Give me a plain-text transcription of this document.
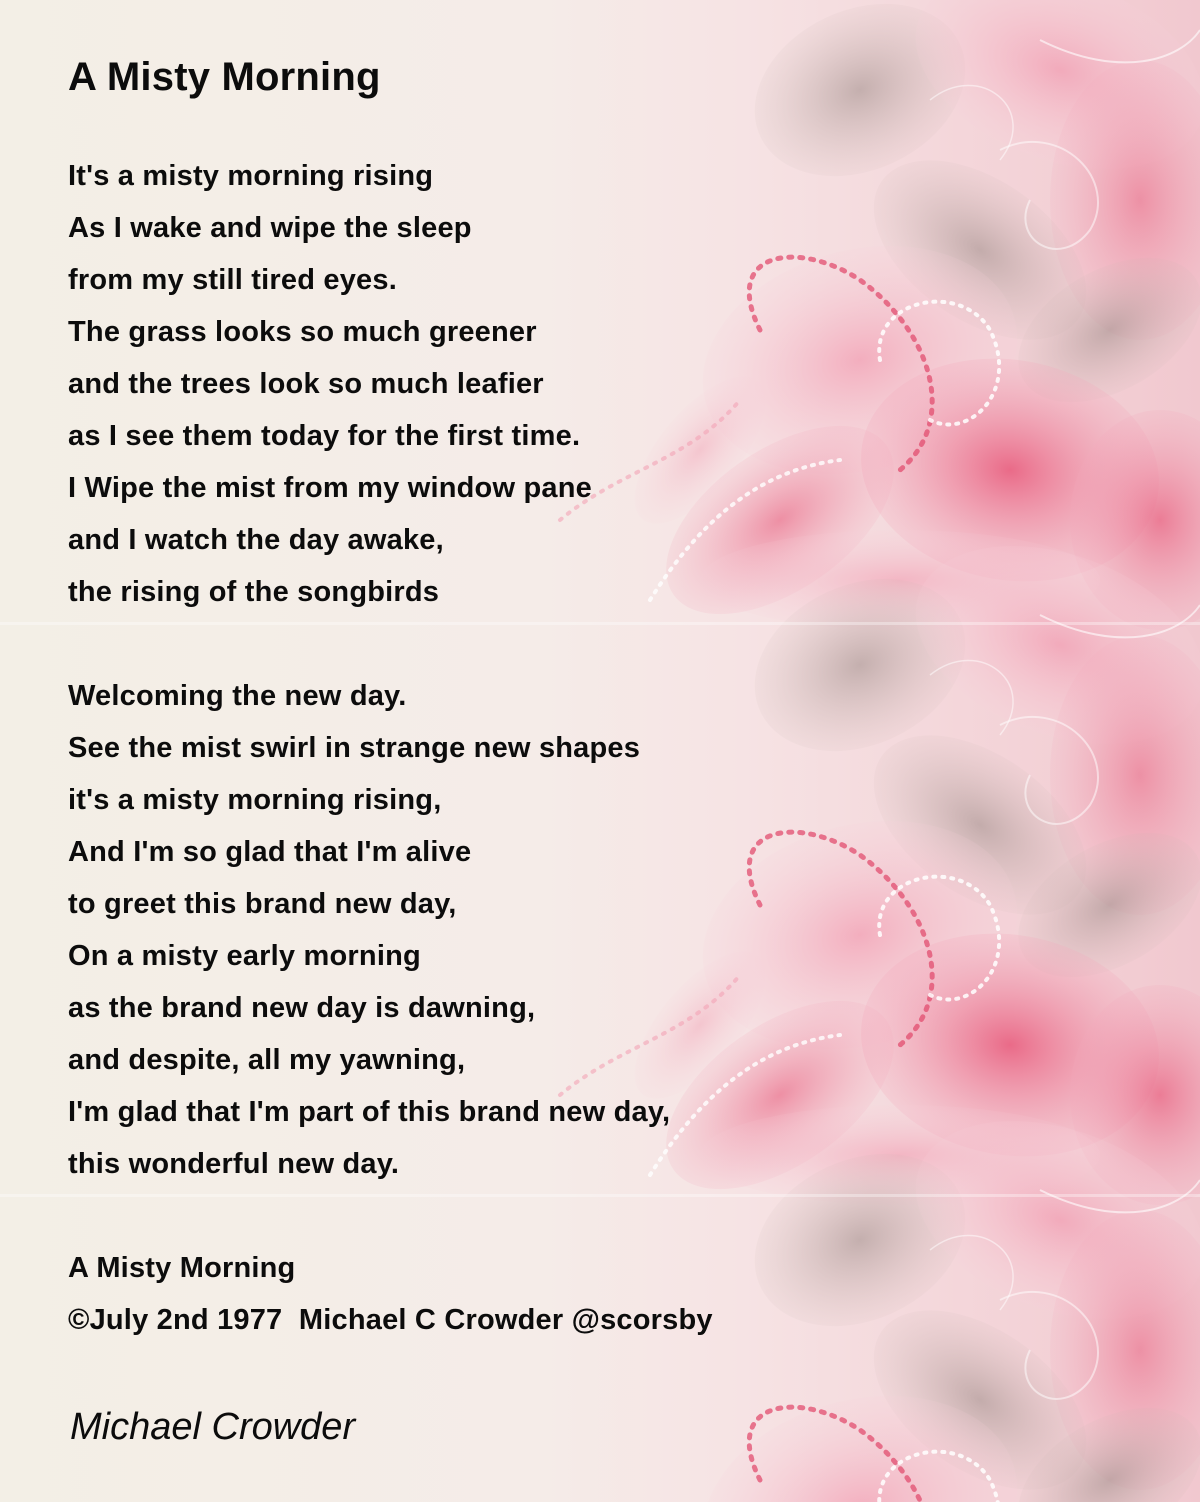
A Misty Morning
It's a misty morning rising
As I wake and wipe the sleep
from my still tired eyes.
The grass looks so much greener
and the trees look so much leafier
as I see them today for the first time.
I Wipe the mist from my window pane
and I watch the day awake,
the rising of the songbirds
Welcoming the new day.
See the mist swirl in strange new shapes
it's a misty morning rising,
And I'm so glad that I'm alive
to greet this brand new day,
On a misty early morning
as the brand new day is dawning,
and despite, all my yawning,
I'm glad that I'm part of this brand new day,
this wonderful new day.
A Misty Morning
©July 2nd 1977  Michael C Crowder @scorsby

Michael Crowder
